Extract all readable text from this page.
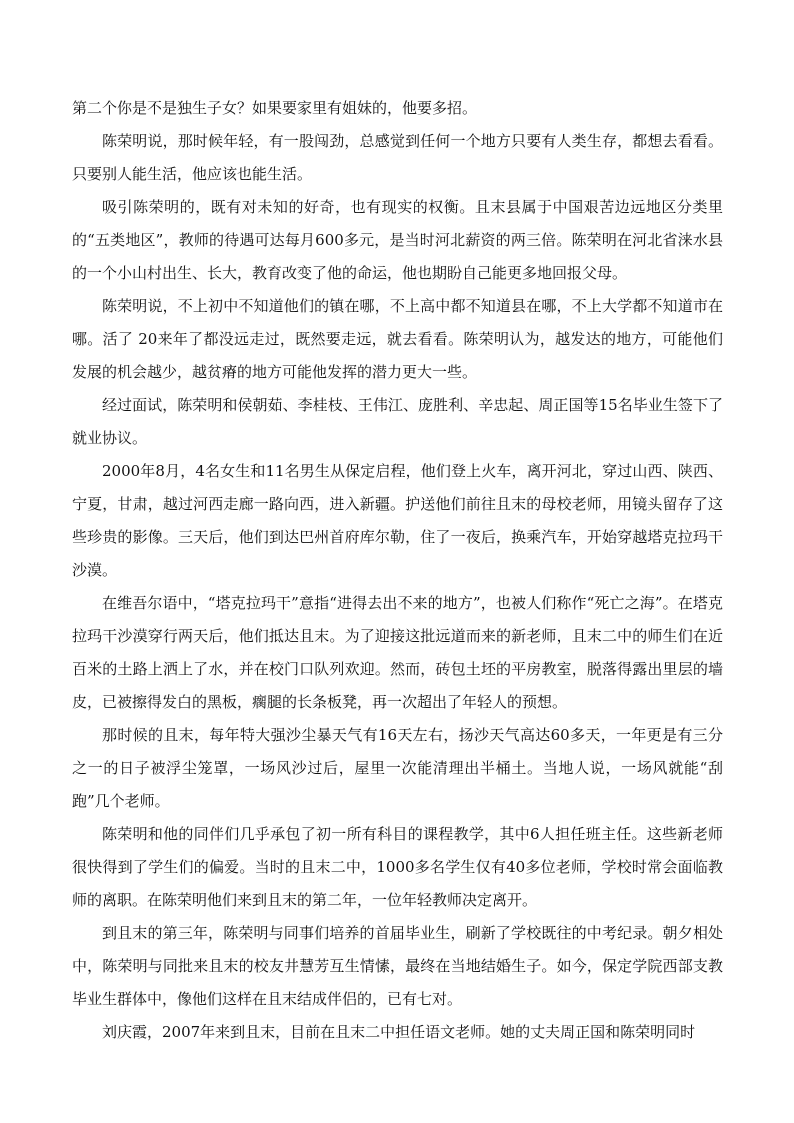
第二个你是不是独生子女？如果要家里有姐妹的，他要多招。

陈荣明说，那时候年轻，有一股闯劲，总感觉到任何一个地方只要有人类生存，都想去看看。只要别人能生活，他应该也能生活。

吸引陈荣明的，既有对未知的好奇，也有现实的权衡。且末县属于中国艰苦边远地区分类里的“五类地区”，教师的待遇可达每月600多元，是当时河北薪资的两三倍。陈荣明在河北省涞水县的一个小山村出生、长大，教育改变了他的命运，他也期盼自己能更多地回报父母。

陈荣明说，不上初中不知道他们的镇在哪，不上高中都不知道县在哪，不上大学都不知道市在哪。活了 20来年了都没远走过，既然要走远，就去看看。陈荣明认为，越发达的地方，可能他们发展的机会越少，越贫瘠的地方可能他发挥的潜力更大一些。

经过面试，陈荣明和侯朝茹、李桂枝、王伟江、庞胜利、辛忠起、周正国等15名毕业生签下了就业协议。

2000年8月，4名女生和11名男生从保定启程，他们登上火车，离开河北，穿过山西、陕西、宁夏，甘肃，越过河西走廊一路向西，进入新疆。护送他们前往且末的母校老师，用镜头留存了这些珍贵的影像。三天后，他们到达巴州首府库尔勒，住了一夜后，换乘汽车，开始穿越塔克拉玛干沙漠。

在维吾尔语中，“塔克拉玛干”意指“进得去出不来的地方”，也被人们称作“死亡之海”。在塔克拉玛干沙漠穿行两天后，他们抵达且末。为了迎接这批远道而来的新老师，且末二中的师生们在近百米的土路上洒上了水，并在校门口队列欢迎。然而，砖包土坯的平房教室，脱落得露出里层的墙皮，已被擦得发白的黑板，瘸腿的长条板凳，再一次超出了年轻人的预想。

那时候的且末，每年特大强沙尘暴天气有16天左右，扬沙天气高达60多天，一年更是有三分之一的日子被浮尘笼罩，一场风沙过后，屋里一次能清理出半桶土。当地人说，一场风就能“刮跑”几个老师。

陈荣明和他的同伴们几乎承包了初一所有科目的课程教学，其中6人担任班主任。这些新老师很快得到了学生们的偏爱。当时的且末二中，1000多名学生仅有40多位老师，学校时常会面临教师的离职。在陈荣明他们来到且末的第二年，一位年轻教师决定离开。

到且末的第三年，陈荣明与同事们培养的首届毕业生，刷新了学校既往的中考纪录。朝夕相处中，陈荣明与同批来且末的校友井慧芳互生情愫，最终在当地结婚生子。如今，保定学院西部支教毕业生群体中，像他们这样在且末结成伴侣的，已有七对。

刘庆霞，2007年来到且末，目前在且末二中担任语文老师。她的丈夫周正国和陈荣明同时
